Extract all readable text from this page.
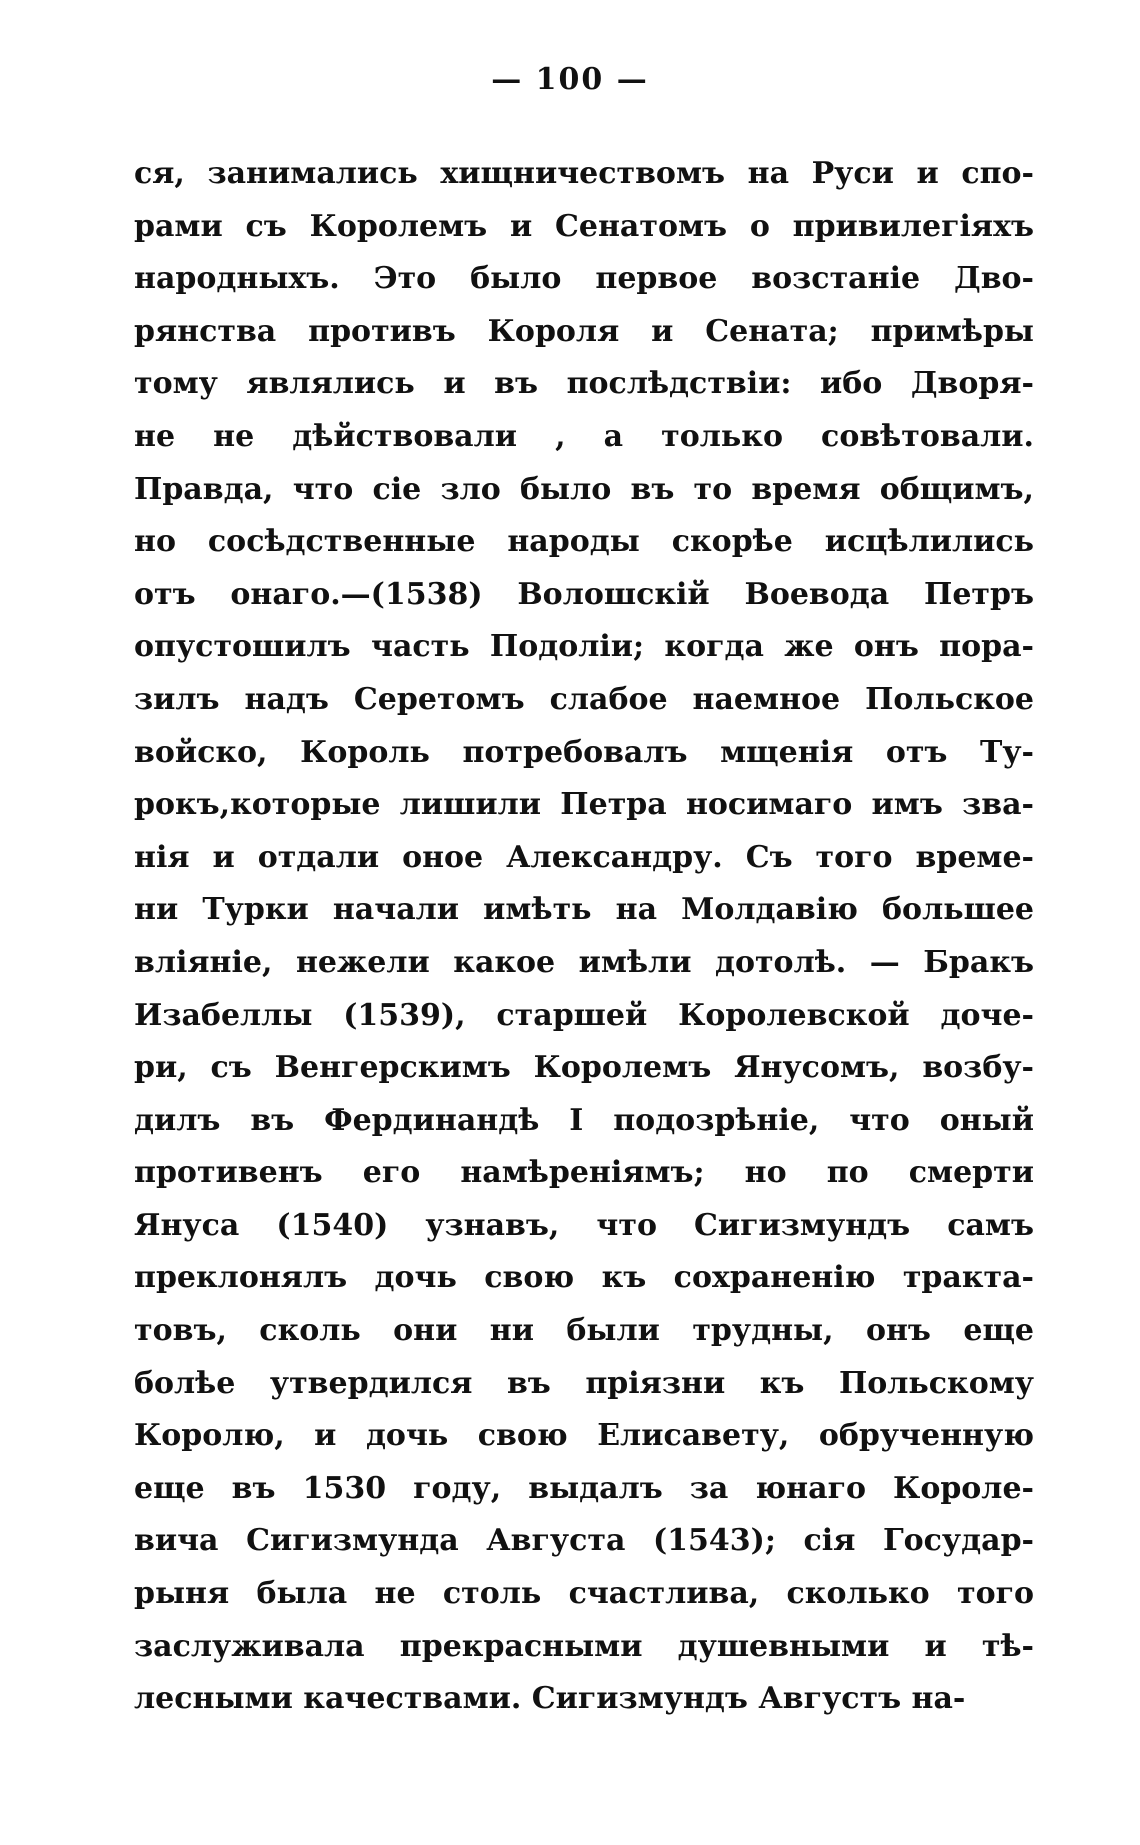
— 100 —
ся, занимались хищничествомъ на Руси и спо-
рами съ Королемъ и Сенатомъ о привилегіяхъ
народныхъ. Это было первое возстаніе Дво-
рянства противъ Короля и Сената; примѣры
тому являлись и въ послѣдствіи: ибо Дворя-
не не дѣйствовали , а только совѣтовали.
Правда, что сіе зло было въ то время общимъ,
но сосѣдственные народы скорѣе исцѣлились
отъ онаго.—(1538) Волошскій Воевода Петръ
опустошилъ часть Подоліи; когда же онъ пора-
зилъ надъ Серетомъ слабое наемное Польское
войско, Король потребовалъ мщенія отъ Ту-
рокъ,которые лишили Петра носимаго имъ зва-
нія и отдали оное Александру. Съ того време-
ни Турки начали имѣть на Молдавію большее
вліяніе, нежели какое имѣли дотолѣ. — Бракъ
Изабеллы (1539), старшей Королевской доче-
ри, съ Венгерскимъ Королемъ Янусомъ, возбу-
дилъ въ Фердинандѣ I подозрѣніе, что оный
противенъ его намѣреніямъ; но по смерти
Януса (1540) узнавъ, что Сигизмундъ самъ
преклонялъ дочь свою къ сохраненію тракта-
товъ, сколь они ни были трудны, онъ еще
болѣе утвердился въ пріязни къ Польскому
Королю, и дочь свою Елисавету, обрученную
еще въ 1530 году, выдалъ за юнаго Короле-
вича Сигизмунда Августа (1543); сія Государ-
рыня была не столь счастлива, сколько того
заслуживала прекрасными душевными и тѣ-
лесными качествами. Сигизмундъ Августъ на-
